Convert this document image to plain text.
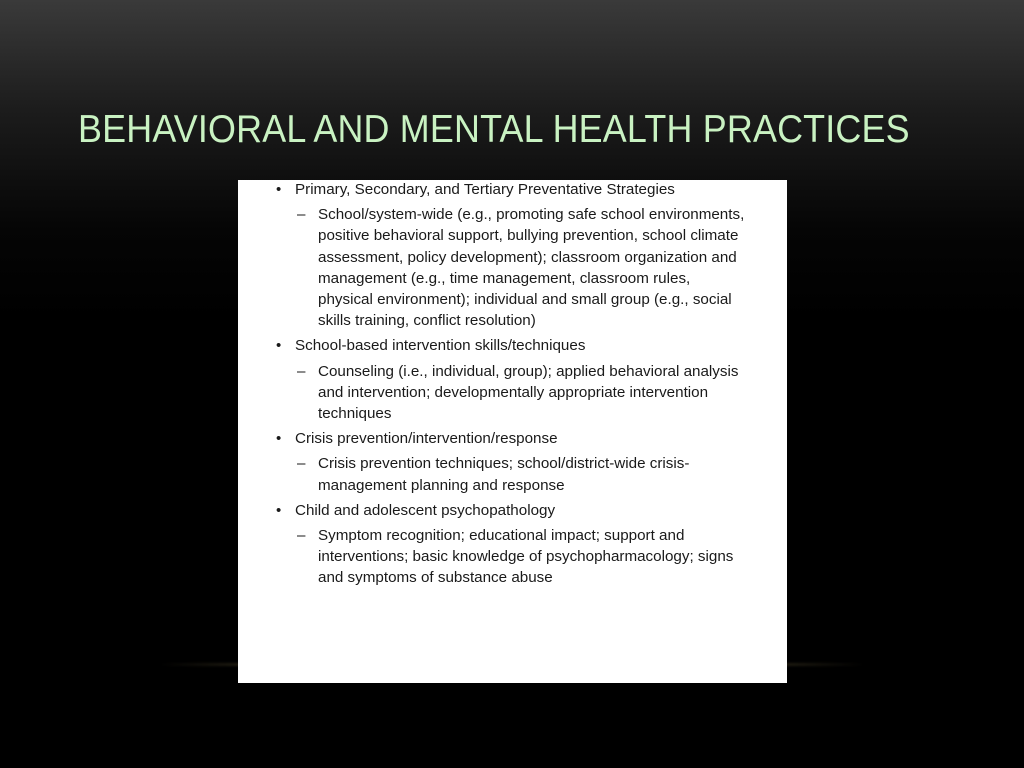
BEHAVIORAL AND MENTAL HEALTH PRACTICES
• Primary, Secondary, and Tertiary Preventative Strategies
– School/system-wide (e.g., promoting safe school environments, positive behavioral support, bullying prevention, school climate assessment, policy development); classroom organization and management (e.g., time management, classroom rules, physical environment); individual and small group (e.g., social skills training, conflict resolution)
• School-based intervention skills/techniques
– Counseling (i.e., individual, group); applied behavioral analysis and intervention; developmentally appropriate intervention techniques
• Crisis prevention/intervention/response
– Crisis prevention techniques; school/district-wide crisis-management planning and response
• Child and adolescent psychopathology
– Symptom recognition; educational impact; support and interventions; basic knowledge of psychopharmacology; signs and symptoms of substance abuse
